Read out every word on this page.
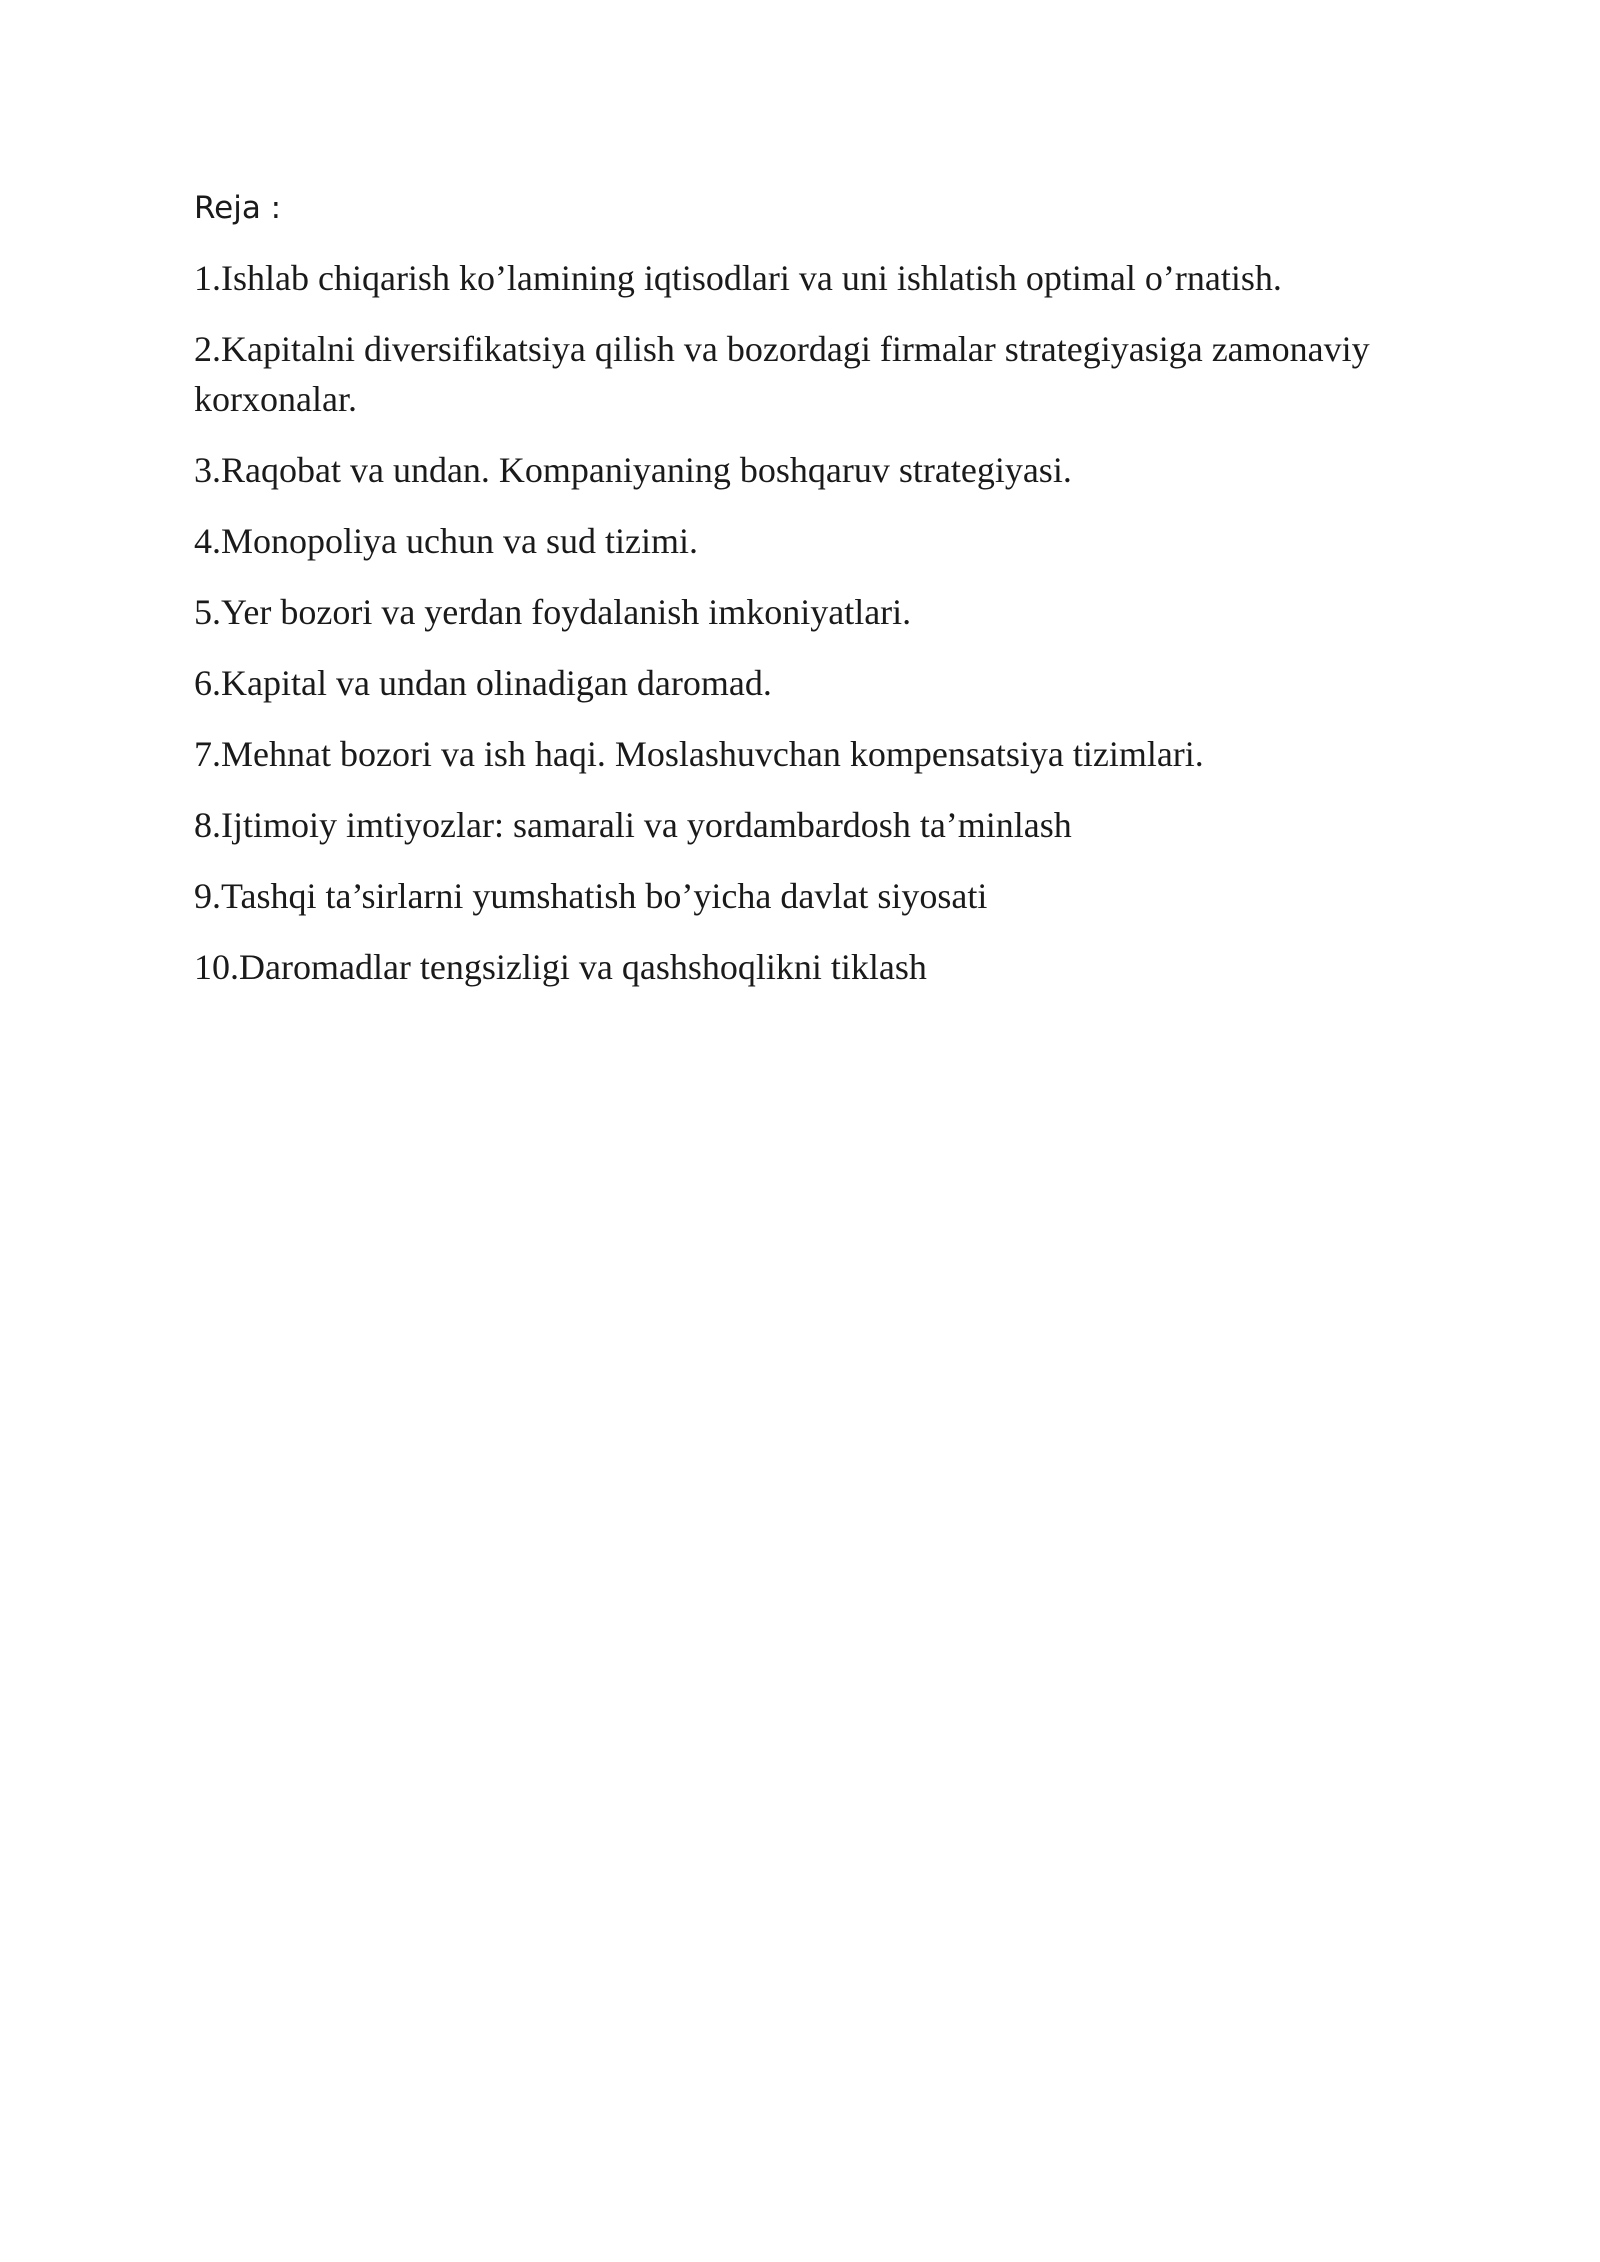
Reja :
1.Ishlab chiqarish ko’lamining iqtisodlari va uni ishlatish optimal o’rnatish.
2.Kapitalni diversifikatsiya qilish va bozordagi firmalar strategiyasiga zamonaviy korxonalar.
3.Raqobat va undan. Kompaniyaning boshqaruv strategiyasi.
4.Monopoliya uchun va sud tizimi.
5.Yer bozori va yerdan foydalanish imkoniyatlari.
6.Kapital va undan olinadigan daromad.
7.Mehnat bozori va ish haqi. Moslashuvchan kompensatsiya tizimlari.
8.Ijtimoiy imtiyozlar: samarali va yordambardosh ta’minlash
9.Tashqi ta’sirlarni yumshatish bo’yicha davlat siyosati
10.Daromadlar tengsizligi va qashshoqlikni tiklash
